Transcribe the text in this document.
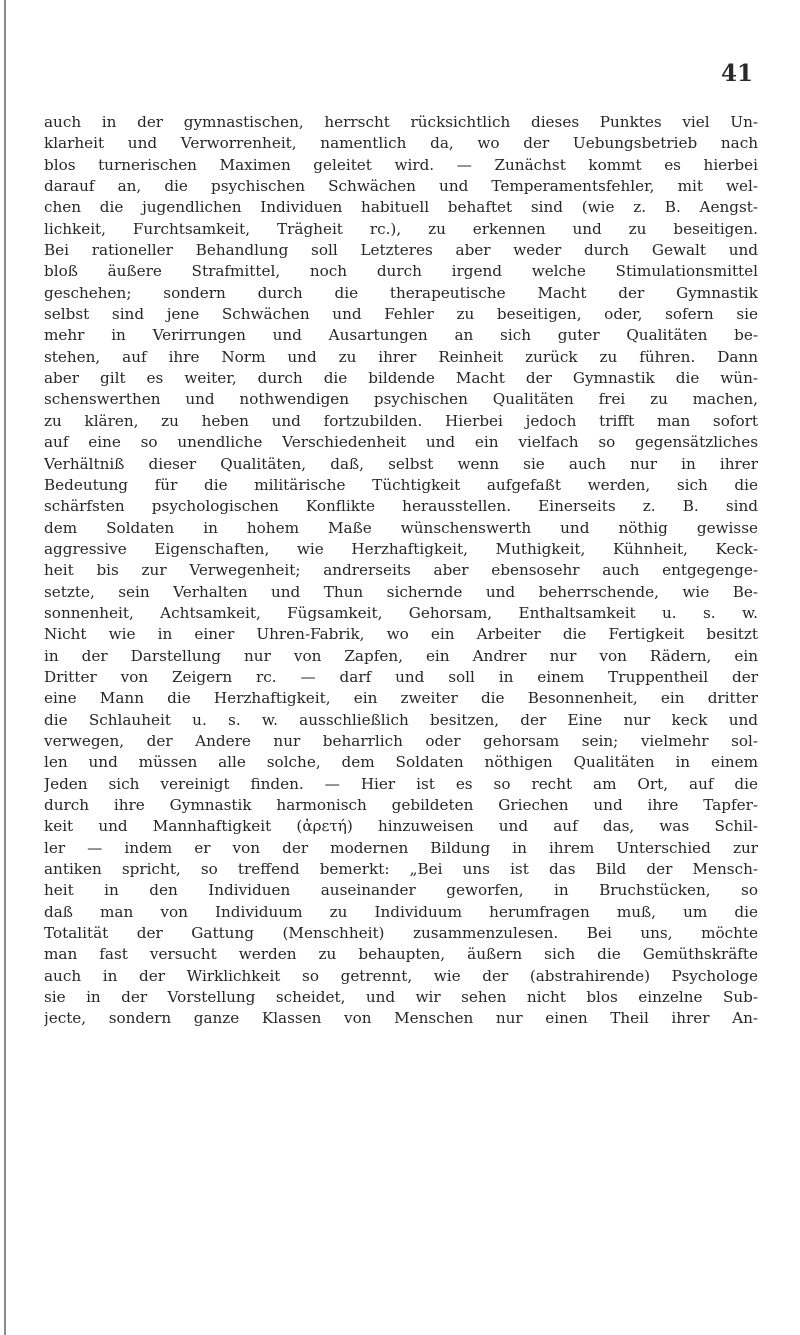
41

auch in der gymnastischen, herrscht rücksichtlich dieses Punktes viel Un-
klarheit und Verworrenheit, namentlich da, wo der Uebungsbetrieb nach
blos turnerischen Maximen geleitet wird. — Zunächst kommt es hierbei
darauf an, die psychischen Schwächen und Temperamentsfehler, mit wel-
chen die jugendlichen Individuen habituell behaftet sind (wie z. B. Aengst-
lichkeit, Furchtsamkeit, Trägheit rc.), zu erkennen und zu beseitigen.
Bei rationeller Behandlung soll Letzteres aber weder durch Gewalt und
bloß äußere Strafmittel, noch durch irgend welche Stimulationsmittel
geschehen; sondern durch die therapeutische Macht der Gymnastik
selbst sind jene Schwächen und Fehler zu beseitigen, oder, sofern sie
mehr in Verirrungen und Ausartungen an sich guter Qualitäten be-
stehen, auf ihre Norm und zu ihrer Reinheit zurück zu führen. Dann
aber gilt es weiter, durch die bildende Macht der Gymnastik die wün-
schenswerthen und nothwendigen psychischen Qualitäten frei zu machen,
zu klären, zu heben und fortzubilden. Hierbei jedoch trifft man sofort
auf eine so unendliche Verschiedenheit und ein vielfach so gegensätzliches
Verhältniß dieser Qualitäten, daß, selbst wenn sie auch nur in ihrer
Bedeutung für die militärische Tüchtigkeit aufgefaßt werden, sich die
schärfsten psychologischen Konflikte herausstellen. Einerseits z. B. sind
dem Soldaten in hohem Maße wünschenswerth und nöthig gewisse
aggressive Eigenschaften, wie Herzhaftigkeit, Muthigkeit, Kühnheit, Keck-
heit bis zur Verwegenheit; andrerseits aber ebensosehr auch entgegenge-
setzte, sein Verhalten und Thun sichernde und beherrschende, wie Be-
sonnenheit, Achtsamkeit, Fügsamkeit, Gehorsam, Enthaltsamkeit u. s. w.
Nicht wie in einer Uhren-Fabrik, wo ein Arbeiter die Fertigkeit besitzt
in der Darstellung nur von Zapfen, ein Andrer nur von Rädern, ein
Dritter von Zeigern rc. — darf und soll in einem Truppentheil der
eine Mann die Herzhaftigkeit, ein zweiter die Besonnenheit, ein dritter
die Schlauheit u. s. w. ausschließlich besitzen, der Eine nur keck und
verwegen, der Andere nur beharrlich oder gehorsam sein; vielmehr sol-
len und müssen alle solche, dem Soldaten nöthigen Qualitäten in einem
Jeden sich vereinigt finden. — Hier ist es so recht am Ort, auf die
durch ihre Gymnastik harmonisch gebildeten Griechen und ihre Tapfer-
keit und Mannhaftigkeit (ἀρετή) hinzuweisen und auf das, was Schil-
ler — indem er von der modernen Bildung in ihrem Unterschied zur
antiken spricht, so treffend bemerkt: „Bei uns ist das Bild der Mensch-
heit in den Individuen auseinander geworfen, in Bruchstücken, so
daß man von Individuum zu Individuum herumfragen muß, um die
Totalität der Gattung (Menschheit) zusammenzulesen. Bei uns, möchte
man fast versucht werden zu behaupten, äußern sich die Gemüthskräfte
auch in der Wirklichkeit so getrennt, wie der (abstrahirende) Psychologe
sie in der Vorstellung scheidet, und wir sehen nicht blos einzelne Sub-
jecte, sondern ganze Klassen von Menschen nur einen Theil ihrer An-
